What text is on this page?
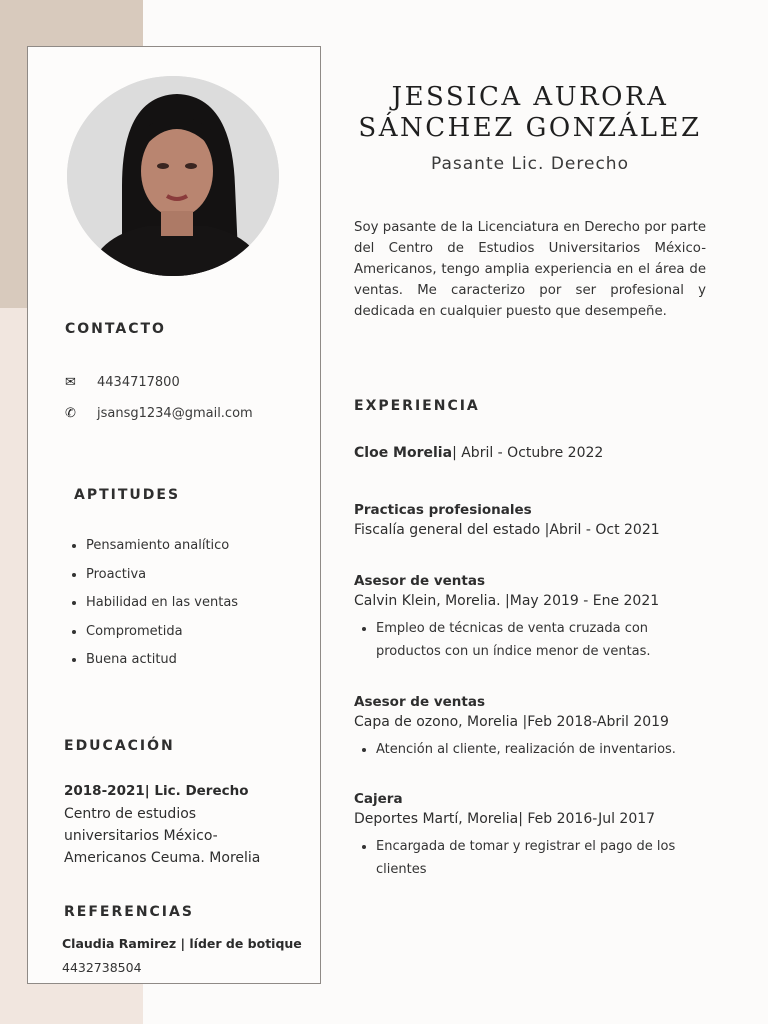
CONTACTO
✉	4434717800
✆	jsansg1234@gmail.com
APTITUDES
• Pensamiento analítico
• Proactiva
• Habilidad en las ventas
• Comprometida
• Buena actitud
EDUCACIÓN
2018-2021| Lic. Derecho
Centro de estudios universitarios México-Americanos Ceuma. Morelia
REFERENCIAS
Claudia Ramirez | líder de botique
4432738504
JESSICA AURORA
SÁNCHEZ GONZÁLEZ
Pasante Lic. Derecho
Soy pasante de la Licenciatura en Derecho por parte del Centro de Estudios Universitarios México-Americanos, tengo amplia experiencia en el área de ventas. Me caracterizo por ser profesional y dedicada en cualquier puesto que desempeñe.
EXPERIENCIA
Cloe Morelia| Abril - Octubre 2022
Practicas profesionales
Fiscalía general del estado |Abril - Oct 2021
Asesor de ventas
Calvin Klein, Morelia. |May 2019 - Ene 2021
• Empleo de técnicas de venta cruzada con productos con un índice menor de ventas.
Asesor de ventas
Capa de ozono, Morelia |Feb 2018-Abril 2019
• Atención al cliente, realización de inventarios.
Cajera
Deportes Martí, Morelia| Feb 2016-Jul 2017
• Encargada de tomar y registrar el pago de los clientes
